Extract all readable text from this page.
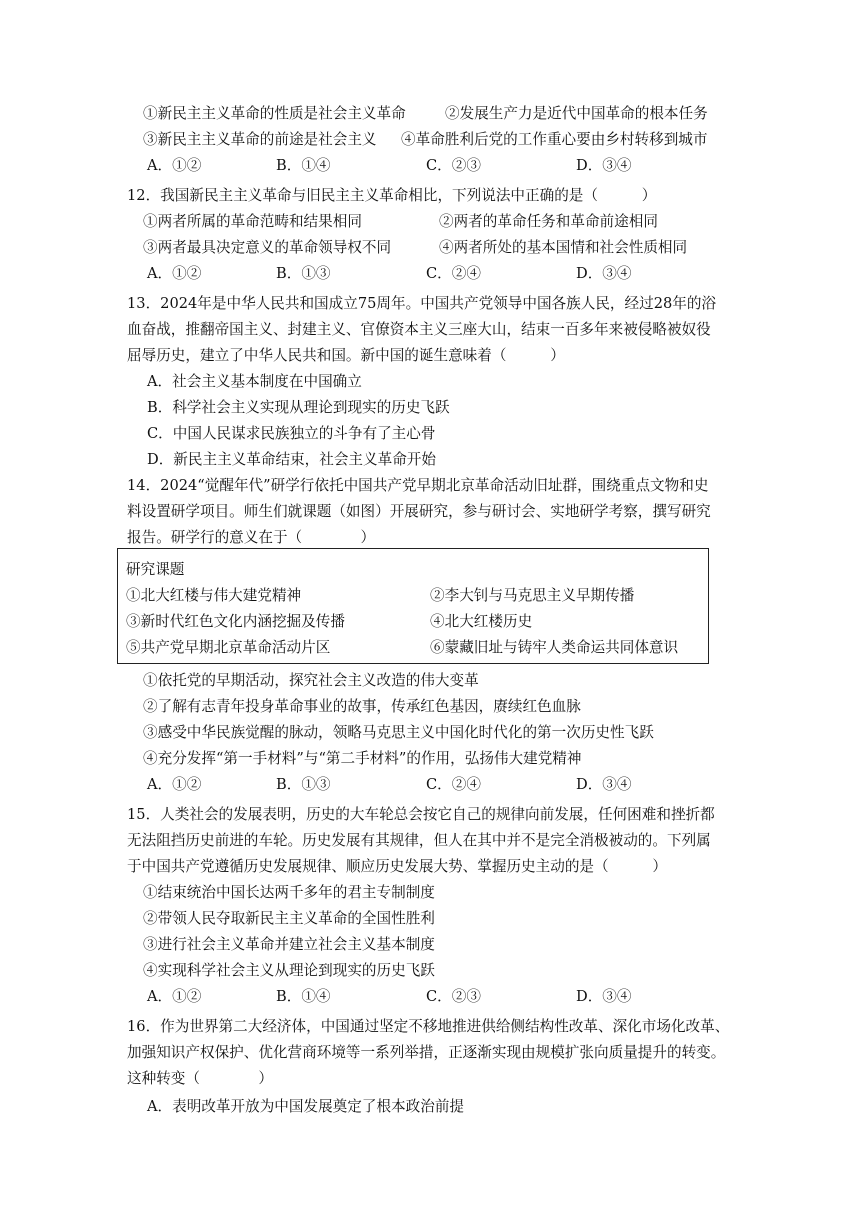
①新民主主义革命的性质是社会主义革命	②发展生产力是近代中国革命的根本任务
③新民主主义革命的前途是社会主义 ④革命胜利后党的工作重心要由乡村转移到城市
A．①②	B．①④	C．②③	D．③④
12．我国新民主主义革命与旧民主主义革命相比，下列说法中正确的是（　　　）
①两者所属的革命范畴和结果相同	②两者的革命任务和革命前途相同
③两者最具决定意义的革命领导权不同	④两者所处的基本国情和社会性质相同
A．①②	B．①③	C．②④	D．③④
13．2024年是中华人民共和国成立75周年。中国共产党领导中国各族人民，经过28年的浴
血奋战，推翻帝国主义、封建主义、官僚资本主义三座大山，结束一百多年来被侵略被奴役
屈辱历史，建立了中华人民共和国。新中国的诞生意味着（　　　）
A．社会主义基本制度在中国确立
B．科学社会主义实现从理论到现实的历史飞跃
C．中国人民谋求民族独立的斗争有了主心骨
D．新民主主义革命结束，社会主义革命开始
14．2024“觉醒年代”研学行依托中国共产党早期北京革命活动旧址群，围绕重点文物和史
料设置研学项目。师生们就课题（如图）开展研究，参与研讨会、实地研学考察，撰写研究
报告。研学行的意义在于（　　　　）
研究课题
①北大红楼与伟大建党精神	②李大钊与马克思主义早期传播
③新时代红色文化内涵挖掘及传播	④北大红楼历史
⑤共产党早期北京革命活动片区	⑥蒙藏旧址与铸牢人类命运共同体意识
①依托党的早期活动，探究社会主义改造的伟大变革
②了解有志青年投身革命事业的故事，传承红色基因，赓续红色血脉
③感受中华民族觉醒的脉动，领略马克思主义中国化时代化的第一次历史性飞跃
④充分发挥“第一手材料”与“第二手材料”的作用，弘扬伟大建党精神
A．①②	B．①③	C．②④	D．③④
15．人类社会的发展表明，历史的大车轮总会按它自己的规律向前发展，任何困难和挫折都
无法阻挡历史前进的车轮。历史发展有其规律，但人在其中并不是完全消极被动的。下列属
于中国共产党遵循历史发展规律、顺应历史发展大势、掌握历史主动的是（　　　）
①结束统治中国长达两千多年的君主专制制度
②带领人民夺取新民主主义革命的全国性胜利
③进行社会主义革命并建立社会主义基本制度
④实现科学社会主义从理论到现实的历史飞跃
A．①②	B．①④	C．②③	D．③④
16．作为世界第二大经济体，中国通过坚定不移地推进供给侧结构性改革、深化市场化改革、
加强知识产权保护、优化营商环境等一系列举措，正逐渐实现由规模扩张向质量提升的转变。
这种转变（　　　　）
A．表明改革开放为中国发展奠定了根本政治前提
